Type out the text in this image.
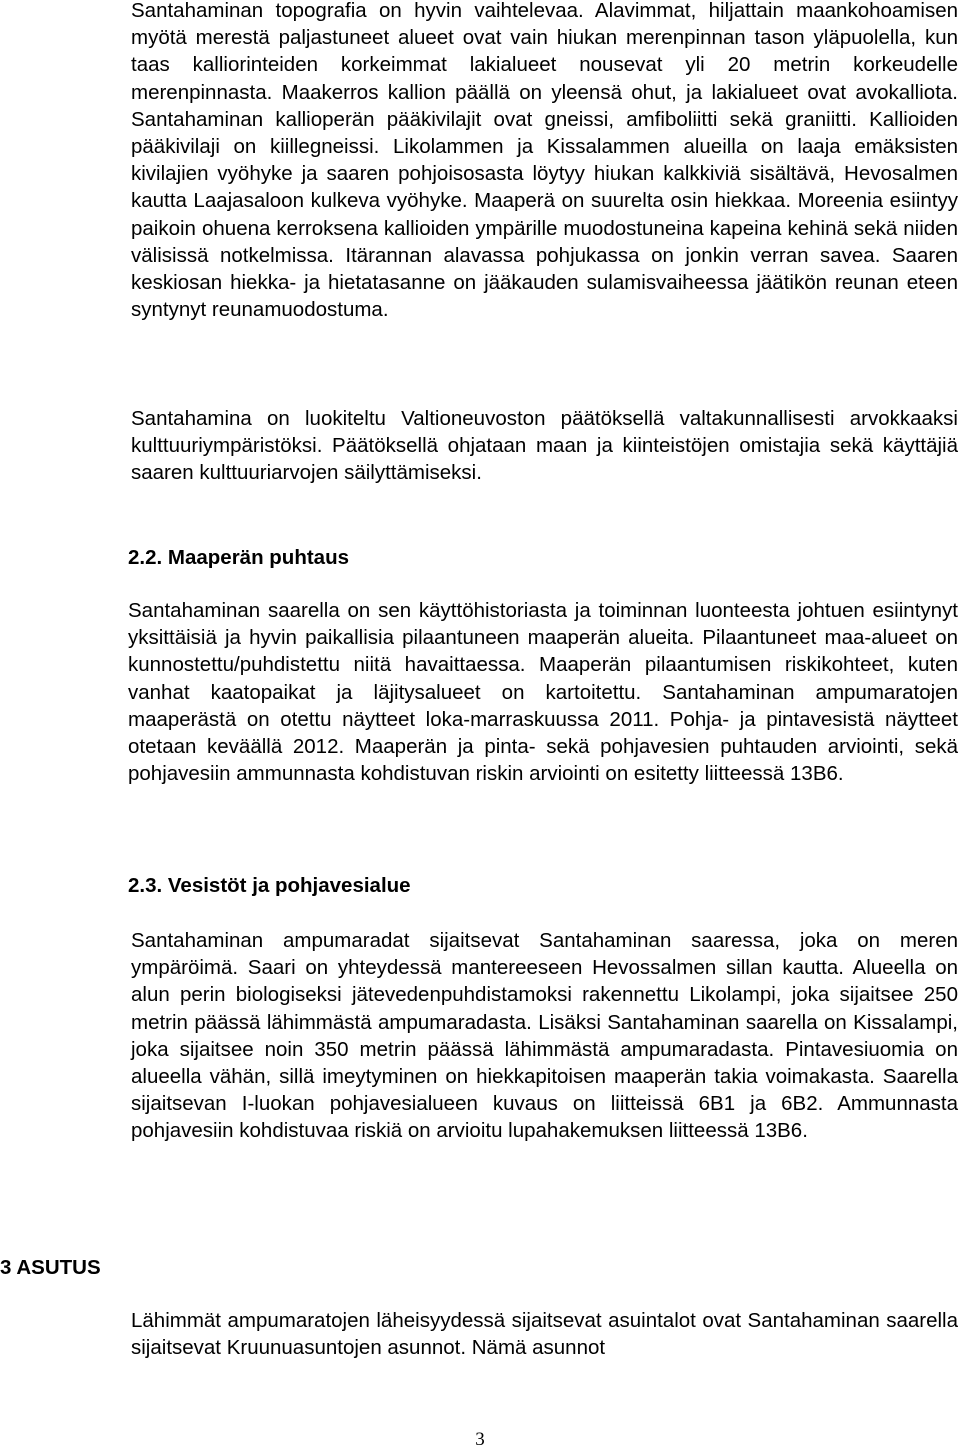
Santahaminan topografia on hyvin vaihtelevaa. Alavimmat, hiljattain maankohoamisen myötä merestä paljastuneet alueet ovat vain hiukan merenpinnan tason yläpuolella, kun taas kalliorinteiden korkeimmat lakialueet nousevat yli 20 metrin korkeudelle merenpinnasta. Maakerros kallion päällä on yleensä ohut, ja lakialueet ovat avokalliota. Santahaminan kallioperän pääkivilajit ovat gneissi, amfiboliitti sekä graniitti. Kallioiden pääkivilaji on kiillegneissi. Likolammen ja Kissalammen alueilla on laaja emäksisten kivilajien vyöhyke ja saaren pohjoisosasta löytyy hiukan kalkkiviä sisältävä, Hevosalmen kautta Laajasaloon kulkeva vyöhyke. Maaperä on suurelta osin hiekkaa. Moreenia esiintyy paikoin ohuena kerroksena kallioiden ympärille muodostuneina kapeina kehinä sekä niiden välisissä notkelmissa. Itärannan alavassa pohjukassa on jonkin verran savea. Saaren keskiosan hiekka- ja hietatasanne on jääkauden sulamisvaiheessa jäätikön reunan eteen syntynyt reunamuodostuma.

Santahamina on luokiteltu Valtioneuvoston päätöksellä valtakunnallisesti arvokkaaksi kulttuuriympäristöksi. Päätöksellä ohjataan maan ja kiinteistöjen omistajia sekä käyttäjiä saaren kulttuuriarvojen säilyttämiseksi.

2.2. Maaperän puhtaus

Santahaminan saarella on sen käyttöhistoriasta ja toiminnan luonteesta johtuen esiintynyt yksittäisiä ja hyvin paikallisia pilaantuneen maaperän alueita. Pilaantuneet maa-alueet on kunnostettu/puhdistettu niitä havaittaessa. Maaperän pilaantumisen riskikohteet, kuten vanhat kaatopaikat ja läjitysalueet on kartoitettu. Santahaminan ampumaratojen maaperästä on otettu näytteet loka-marraskuussa 2011. Pohja- ja pintavesistä näytteet otetaan keväällä 2012. Maaperän ja pinta- sekä pohjavesien puhtauden arviointi, sekä pohjavesiin ammunnasta kohdistuvan riskin arviointi on esitetty liitteessä 13B6.

2.3. Vesistöt ja pohjavesialue

Santahaminan ampumaradat sijaitsevat Santahaminan saaressa, joka on meren ympäröimä. Saari on yhteydessä mantereeseen Hevossalmen sillan kautta. Alueella on alun perin biologiseksi jätevedenpuhdistamoksi rakennettu Likolampi, joka sijaitsee 250 metrin päässä lähimmästä ampumaradasta. Lisäksi Santahaminan saarella on Kissalampi, joka sijaitsee noin 350 metrin päässä lähimmästä ampumaradasta. Pintavesiuomia on alueella vähän, sillä imeytyminen on hiekkapitoisen maaperän takia voimakasta. Saarella sijaitsevan I-luokan pohjavesialueen kuvaus on liitteissä 6B1 ja 6B2. Ammunnasta pohjavesiin kohdistuvaa riskiä on arvioitu lupahakemuksen liitteessä 13B6.

3 ASUTUS

Lähimmät ampumaratojen läheisyydessä sijaitsevat asuintalot ovat Santahaminan saarella sijaitsevat Kruunuasuntojen asunnot. Nämä asunnot

3
